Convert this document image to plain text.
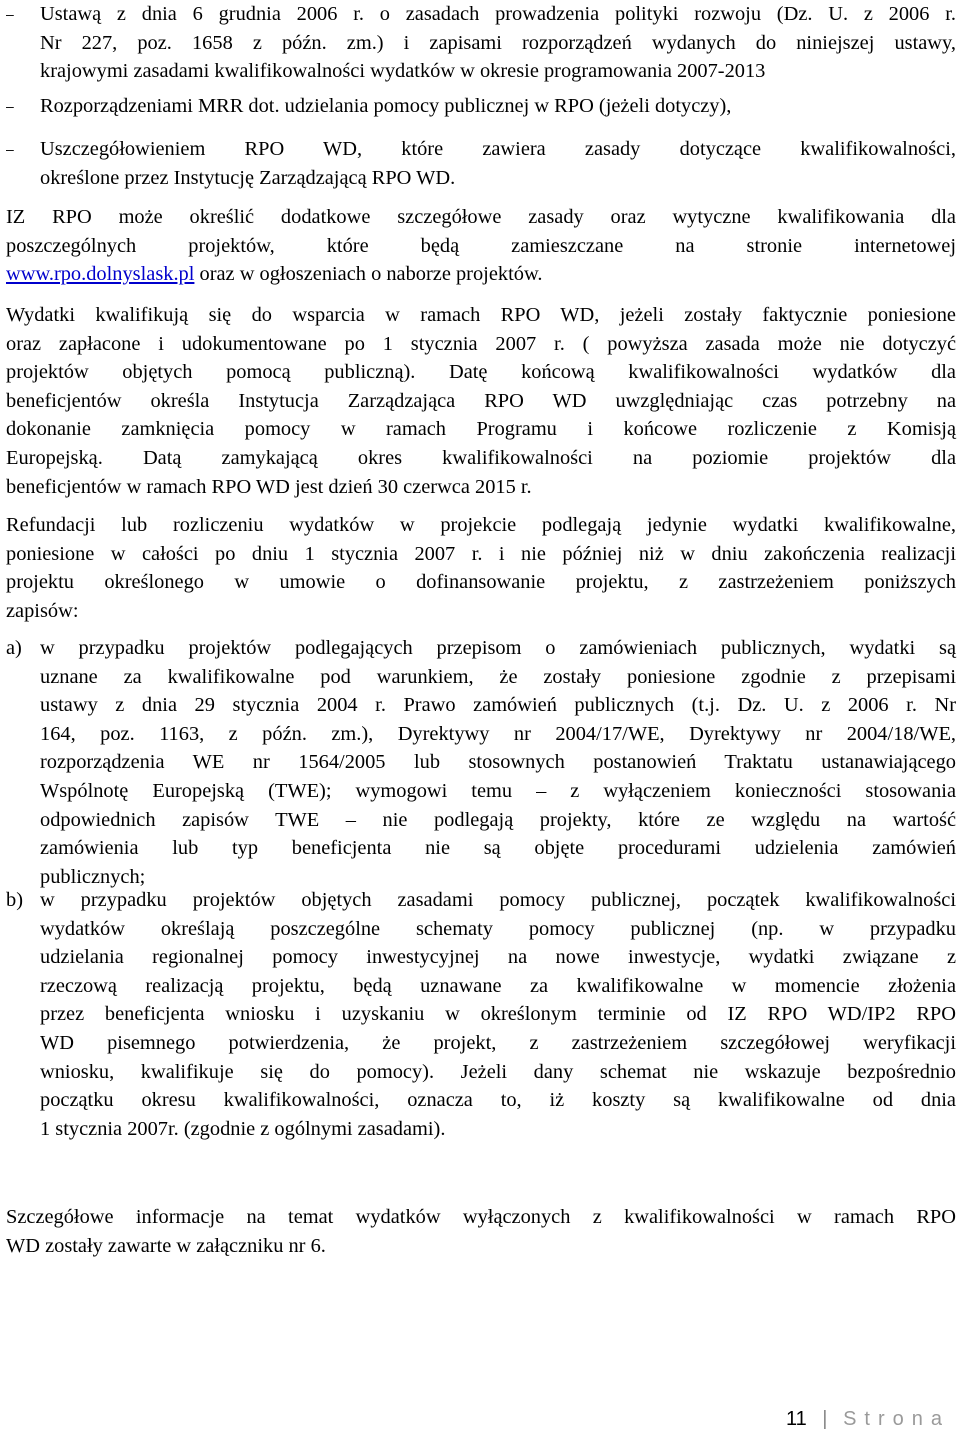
–	Ustawą z dnia 6 grudnia 2006 r. o zasadach prowadzenia polityki rozwoju (Dz. U. z 2006 r.
Nr 227, poz. 1658 z późn. zm.) i zapisami rozporządzeń wydanych do niniejszej ustawy,
krajowymi zasadami kwalifikowalności wydatków w okresie programowania 2007-2013
–	Rozporządzeniami MRR dot. udzielania pomocy publicznej w RPO (jeżeli dotyczy),
–	Uszczegółowieniem RPO WD, które zawiera zasady dotyczące kwalifikowalności,
określone przez Instytucję Zarządzającą RPO WD.
IZ RPO może określić dodatkowe szczegółowe zasady oraz wytyczne kwalifikowania dla
poszczególnych projektów, które będą zamieszczane na stronie internetowej
www.rpo.dolnyslask.pl oraz w ogłoszeniach o naborze projektów.
Wydatki kwalifikują się do wsparcia w ramach RPO WD, jeżeli zostały faktycznie poniesione
oraz zapłacone i udokumentowane po 1 stycznia 2007 r. ( powyższa zasada może nie dotyczyć
projektów objętych pomocą publiczną). Datę końcową kwalifikowalności wydatków dla
beneficjentów określa Instytucja Zarządzająca RPO WD uwzględniając czas potrzebny na
dokonanie zamknięcia pomocy w ramach Programu i końcowe rozliczenie z Komisją
Europejską. Datą zamykającą okres kwalifikowalności na poziomie projektów dla
beneficjentów w ramach RPO WD jest dzień 30 czerwca 2015 r.
Refundacji lub rozliczeniu wydatków w projekcie podlegają jedynie wydatki kwalifikowalne,
poniesione w całości po dniu 1 stycznia 2007 r. i nie później niż w dniu zakończenia realizacji
projektu określonego w umowie o dofinansowanie projektu, z zastrzeżeniem poniższych
zapisów:
a) w przypadku projektów podlegających przepisom o zamówieniach publicznych, wydatki są
uznane za kwalifikowalne pod warunkiem, że zostały poniesione zgodnie z przepisami
ustawy z dnia 29 stycznia 2004 r. Prawo zamówień publicznych (t.j. Dz. U. z 2006 r. Nr
164, poz. 1163, z późn. zm.), Dyrektywy nr 2004/17/WE, Dyrektywy nr 2004/18/WE,
rozporządzenia WE nr 1564/2005 lub stosownych postanowień Traktatu ustanawiającego
Wspólnotę Europejską (TWE); wymogowi temu – z wyłączeniem konieczności stosowania
odpowiednich zapisów TWE – nie podlegają projekty, które ze względu na wartość
zamówienia lub typ beneficjenta nie są objęte procedurami udzielenia zamówień
publicznych;
b) w przypadku projektów objętych zasadami pomocy publicznej, początek kwalifikowalności
wydatków określają poszczególne schematy pomocy publicznej (np. w przypadku
udzielania regionalnej pomocy inwestycyjnej na nowe inwestycje, wydatki związane z
rzeczową realizacją projektu, będą uznawane za kwalifikowalne w momencie złożenia
przez beneficjenta wniosku i uzyskaniu w określonym terminie od IZ RPO WD/IP2 RPO
WD pisemnego potwierdzenia, że projekt, z zastrzeżeniem szczegółowej weryfikacji
wniosku, kwalifikuje się do pomocy). Jeżeli dany schemat nie wskazuje bezpośrednio
początku okresu kwalifikowalności, oznacza to, iż koszty są kwalifikowalne od dnia
1 stycznia 2007r. (zgodnie z ogólnymi zasadami).
Szczegółowe informacje na temat wydatków wyłączonych z kwalifikowalności w ramach RPO
WD zostały zawarte w załączniku nr 6.
11 | Strona
